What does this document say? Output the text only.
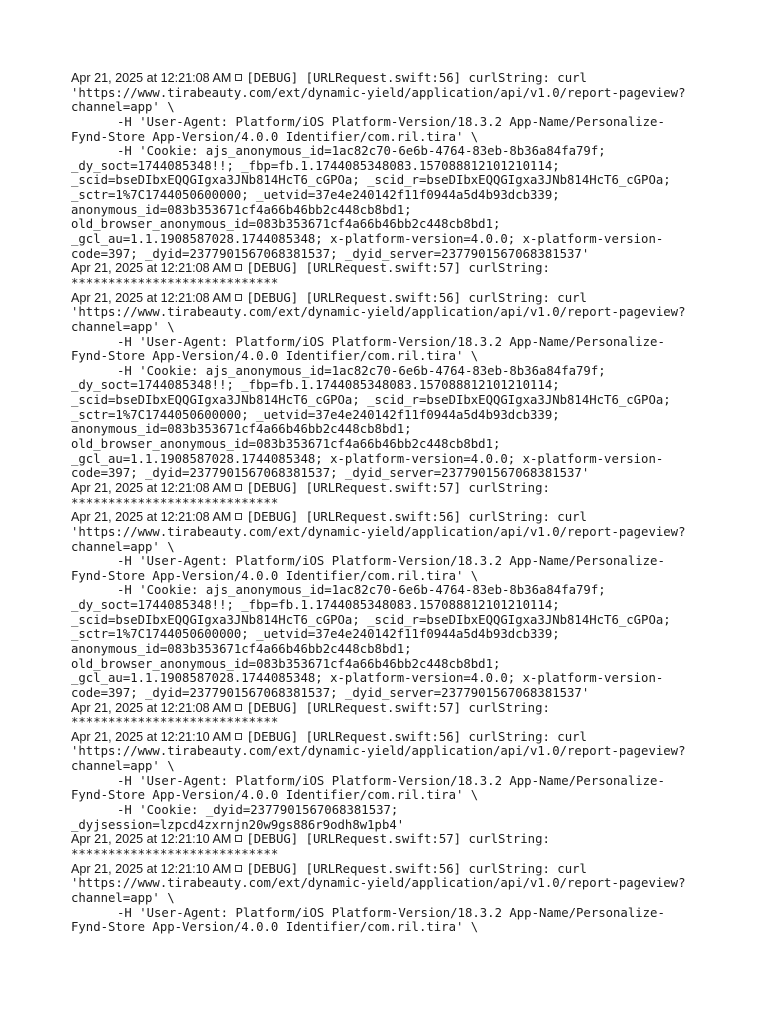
Apr 21, 2025 at 12:21:08 AM [DEBUG] [URLRequest.swift:56] curlString: curl
'https://www.tirabeauty.com/ext/dynamic-yield/application/api/v1.0/report-pageview?
channel=app' \
-H 'User-Agent: Platform/iOS Platform-Version/18.3.2 App-Name/Personalize-
Fynd-Store App-Version/4.0.0 Identifier/com.ril.tira' \
-H 'Cookie: ajs_anonymous_id=1ac82c70-6e6b-4764-83eb-8b36a84fa79f;
_dy_soct=1744085348!!; _fbp=fb.1.1744085348083.157088812101210114;
_scid=bseDIbxEQQGIgxa3JNb814HcT6_cGPOa; _scid_r=bseDIbxEQQGIgxa3JNb814HcT6_cGPOa;
_sctr=1%7C1744050600000; _uetvid=37e4e240142f11f0944a5d4b93dcb339;
anonymous_id=083b353671cf4a66b46bb2c448cb8bd1;
old_browser_anonymous_id=083b353671cf4a66b46bb2c448cb8bd1;
_gcl_au=1.1.1908587028.1744085348; x-platform-version=4.0.0; x-platform-version-
code=397; _dyid=2377901567068381537; _dyid_server=2377901567068381537'
Apr 21, 2025 at 12:21:08 AM [DEBUG] [URLRequest.swift:57] curlString:
****************************
Apr 21, 2025 at 12:21:08 AM [DEBUG] [URLRequest.swift:56] curlString: curl
'https://www.tirabeauty.com/ext/dynamic-yield/application/api/v1.0/report-pageview?
channel=app' \
-H 'User-Agent: Platform/iOS Platform-Version/18.3.2 App-Name/Personalize-
Fynd-Store App-Version/4.0.0 Identifier/com.ril.tira' \
-H 'Cookie: ajs_anonymous_id=1ac82c70-6e6b-4764-83eb-8b36a84fa79f;
_dy_soct=1744085348!!; _fbp=fb.1.1744085348083.157088812101210114;
_scid=bseDIbxEQQGIgxa3JNb814HcT6_cGPOa; _scid_r=bseDIbxEQQGIgxa3JNb814HcT6_cGPOa;
_sctr=1%7C1744050600000; _uetvid=37e4e240142f11f0944a5d4b93dcb339;
anonymous_id=083b353671cf4a66b46bb2c448cb8bd1;
old_browser_anonymous_id=083b353671cf4a66b46bb2c448cb8bd1;
_gcl_au=1.1.1908587028.1744085348; x-platform-version=4.0.0; x-platform-version-
code=397; _dyid=2377901567068381537; _dyid_server=2377901567068381537'
Apr 21, 2025 at 12:21:08 AM [DEBUG] [URLRequest.swift:57] curlString:
****************************
Apr 21, 2025 at 12:21:08 AM [DEBUG] [URLRequest.swift:56] curlString: curl
'https://www.tirabeauty.com/ext/dynamic-yield/application/api/v1.0/report-pageview?
channel=app' \
-H 'User-Agent: Platform/iOS Platform-Version/18.3.2 App-Name/Personalize-
Fynd-Store App-Version/4.0.0 Identifier/com.ril.tira' \
-H 'Cookie: ajs_anonymous_id=1ac82c70-6e6b-4764-83eb-8b36a84fa79f;
_dy_soct=1744085348!!; _fbp=fb.1.1744085348083.157088812101210114;
_scid=bseDIbxEQQGIgxa3JNb814HcT6_cGPOa; _scid_r=bseDIbxEQQGIgxa3JNb814HcT6_cGPOa;
_sctr=1%7C1744050600000; _uetvid=37e4e240142f11f0944a5d4b93dcb339;
anonymous_id=083b353671cf4a66b46bb2c448cb8bd1;
old_browser_anonymous_id=083b353671cf4a66b46bb2c448cb8bd1;
_gcl_au=1.1.1908587028.1744085348; x-platform-version=4.0.0; x-platform-version-
code=397; _dyid=2377901567068381537; _dyid_server=2377901567068381537'
Apr 21, 2025 at 12:21:08 AM [DEBUG] [URLRequest.swift:57] curlString:
****************************
Apr 21, 2025 at 12:21:10 AM [DEBUG] [URLRequest.swift:56] curlString: curl
'https://www.tirabeauty.com/ext/dynamic-yield/application/api/v1.0/report-pageview?
channel=app' \
-H 'User-Agent: Platform/iOS Platform-Version/18.3.2 App-Name/Personalize-
Fynd-Store App-Version/4.0.0 Identifier/com.ril.tira' \
-H 'Cookie: _dyid=2377901567068381537;
_dyjsession=lzpcd4zxrnjn20w9gs886r9odh8w1pb4'
Apr 21, 2025 at 12:21:10 AM [DEBUG] [URLRequest.swift:57] curlString:
****************************
Apr 21, 2025 at 12:21:10 AM [DEBUG] [URLRequest.swift:56] curlString: curl
'https://www.tirabeauty.com/ext/dynamic-yield/application/api/v1.0/report-pageview?
channel=app' \
-H 'User-Agent: Platform/iOS Platform-Version/18.3.2 App-Name/Personalize-
Fynd-Store App-Version/4.0.0 Identifier/com.ril.tira' \
